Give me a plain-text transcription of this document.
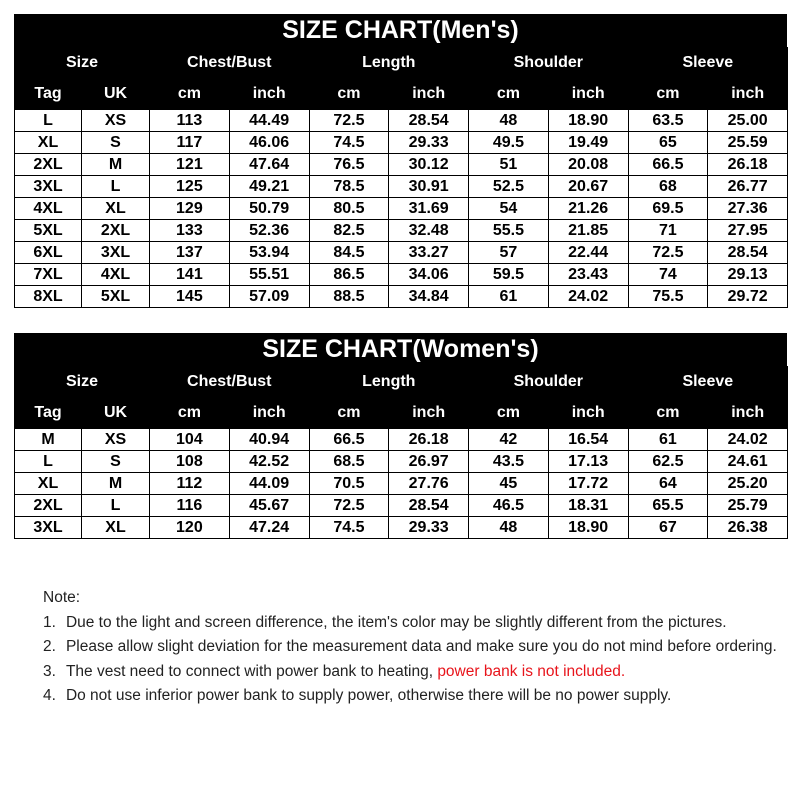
SIZE CHART(Men's)
Size		Chest/Bust		Length		Shoulder		Sleeve	
Tag	UK	cm	inch	cm	inch	cm	inch	cm	inch
L	XS	113	44.49	72.5	28.54	48	18.90	63.5	25.00
XL	S	117	46.06	74.5	29.33	49.5	19.49	65	25.59
2XL	M	121	47.64	76.5	30.12	51	20.08	66.5	26.18
3XL	L	125	49.21	78.5	30.91	52.5	20.67	68	26.77
4XL	XL	129	50.79	80.5	31.69	54	21.26	69.5	27.36
5XL	2XL	133	52.36	82.5	32.48	55.5	21.85	71	27.95
6XL	3XL	137	53.94	84.5	33.27	57	22.44	72.5	28.54
7XL	4XL	141	55.51	86.5	34.06	59.5	23.43	74	29.13
8XL	5XL	145	57.09	88.5	34.84	61	24.02	75.5	29.72
SIZE CHART(Women's)
Size		Chest/Bust		Length		Shoulder		Sleeve	
Tag	UK	cm	inch	cm	inch	cm	inch	cm	inch
M	XS	104	40.94	66.5	26.18	42	16.54	61	24.02
L	S	108	42.52	68.5	26.97	43.5	17.13	62.5	24.61
XL	M	112	44.09	70.5	27.76	45	17.72	64	25.20
2XL	L	116	45.67	72.5	28.54	46.5	18.31	65.5	25.79
3XL	XL	120	47.24	74.5	29.33	48	18.90	67	26.38

Note:

1. Due to the light and screen difference, the item's color may be slightly different from the pictures.

2. Please allow slight deviation for the measurement data and make sure you do not mind before ordering.

3. The vest need to connect with power bank to heating, power bank is not included.

4. Do not use inferior power bank to supply power, otherwise there will be no power supply.
